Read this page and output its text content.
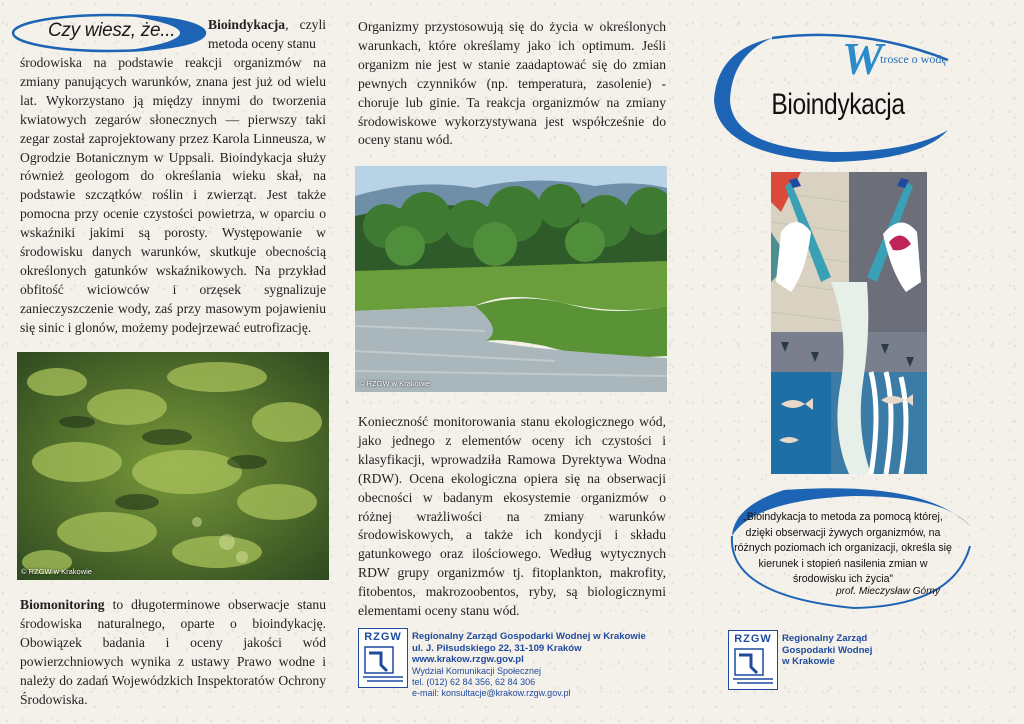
Czy wiesz, że... Bioindykacja, czyli metoda oceny stanu

środowiska na podstawie reakcji organizmów na zmiany panujących warunków, znana jest już od wielu lat. Wykorzystano ją między innymi do tworzenia kwiatowych zegarów słonecznych — pierwszy taki zegar został zaprojektowany przez Karola Linneusza, w Ogrodzie Botanicznym w Uppsali. Bioindykacja służy również geologom do określania wieku skał, na podstawie szczątków roślin i zwierząt. Jest także pomocna przy ocenie czystości powietrza, w oparciu o wskaźniki jakimi są porosty. Występowanie w środowisku danych warunków, skutkuje obecnością określonych gatunków wskaźnikowych. Na przykład obfitość wiciowców i orzęsek sygnalizuje zanieczyszczenie wody, zaś przy masowym pojawieniu się sinic i glonów, możemy podejrzewać eutrofizację.

© RZGW w Krakowie

Biomonitoring to długoterminowe obserwacje stanu środowiska naturalnego, oparte o bioindykację. Obowiązek badania i oceny jakości wód powierzchniowych wynika z ustawy Prawo wodne i należy do zadań Wojewódzkich Inspektoratów Ochrony Środowiska.

Organizmy przystosowują się do życia w określonych warunkach, które określamy jako ich optimum. Jeśli organizm nie jest w stanie zaadaptować się do zmian pewnych czynników (np. temperatura, zasolenie) - choruje lub ginie. Ta reakcja organizmów na zmiany środowiskowe wykorzystywana jest współcześnie do oceny stanu wód.

© RZGW w Krakowie

Konieczność monitorowania stanu ekologicznego wód, jako jednego z elementów oceny ich czystości i klasyfikacji, wprowadziła Ramowa Dyrektywa Wodna (RDW). Ocena ekologiczna opiera się na obserwacji obecności w badanym ekosystemie organizmów o różnej wrażliwości na zmiany warunków środowiskowych, a także ich kondycji i składu gatunkowego oraz ilościowego. Według wytycznych RDW grupy organizmów tj. fitoplankton, makrofity, fitobentos, makrozoobentos, ryby, są biologicznymi elementami oceny stanu wód.

RZGW	Regionalny Zarząd Gospodarki Wodnej w Krakowie
ul. J. Piłsudskiego 22, 31-109 Kraków
www.krakow.rzgw.gov.pl
Wydział Komunikacji Społecznej
tel. (012) 62 84 356, 62 84 306
e-mail: konsultacje@krakow.rzgw.gov.pl
W
trosce o wodę
Bioindykacja
„Bioindykacja to metoda za pomocą której, dzięki obserwacji żywych organizmów, na różnych poziomach ich organizacji, określa się kierunek i stopień nasilenia zmian w środowisku ich życia”
prof. Mieczysław Górny
RZGW	Regionalny Zarząd
Gospodarki Wodnej
w Krakowie
